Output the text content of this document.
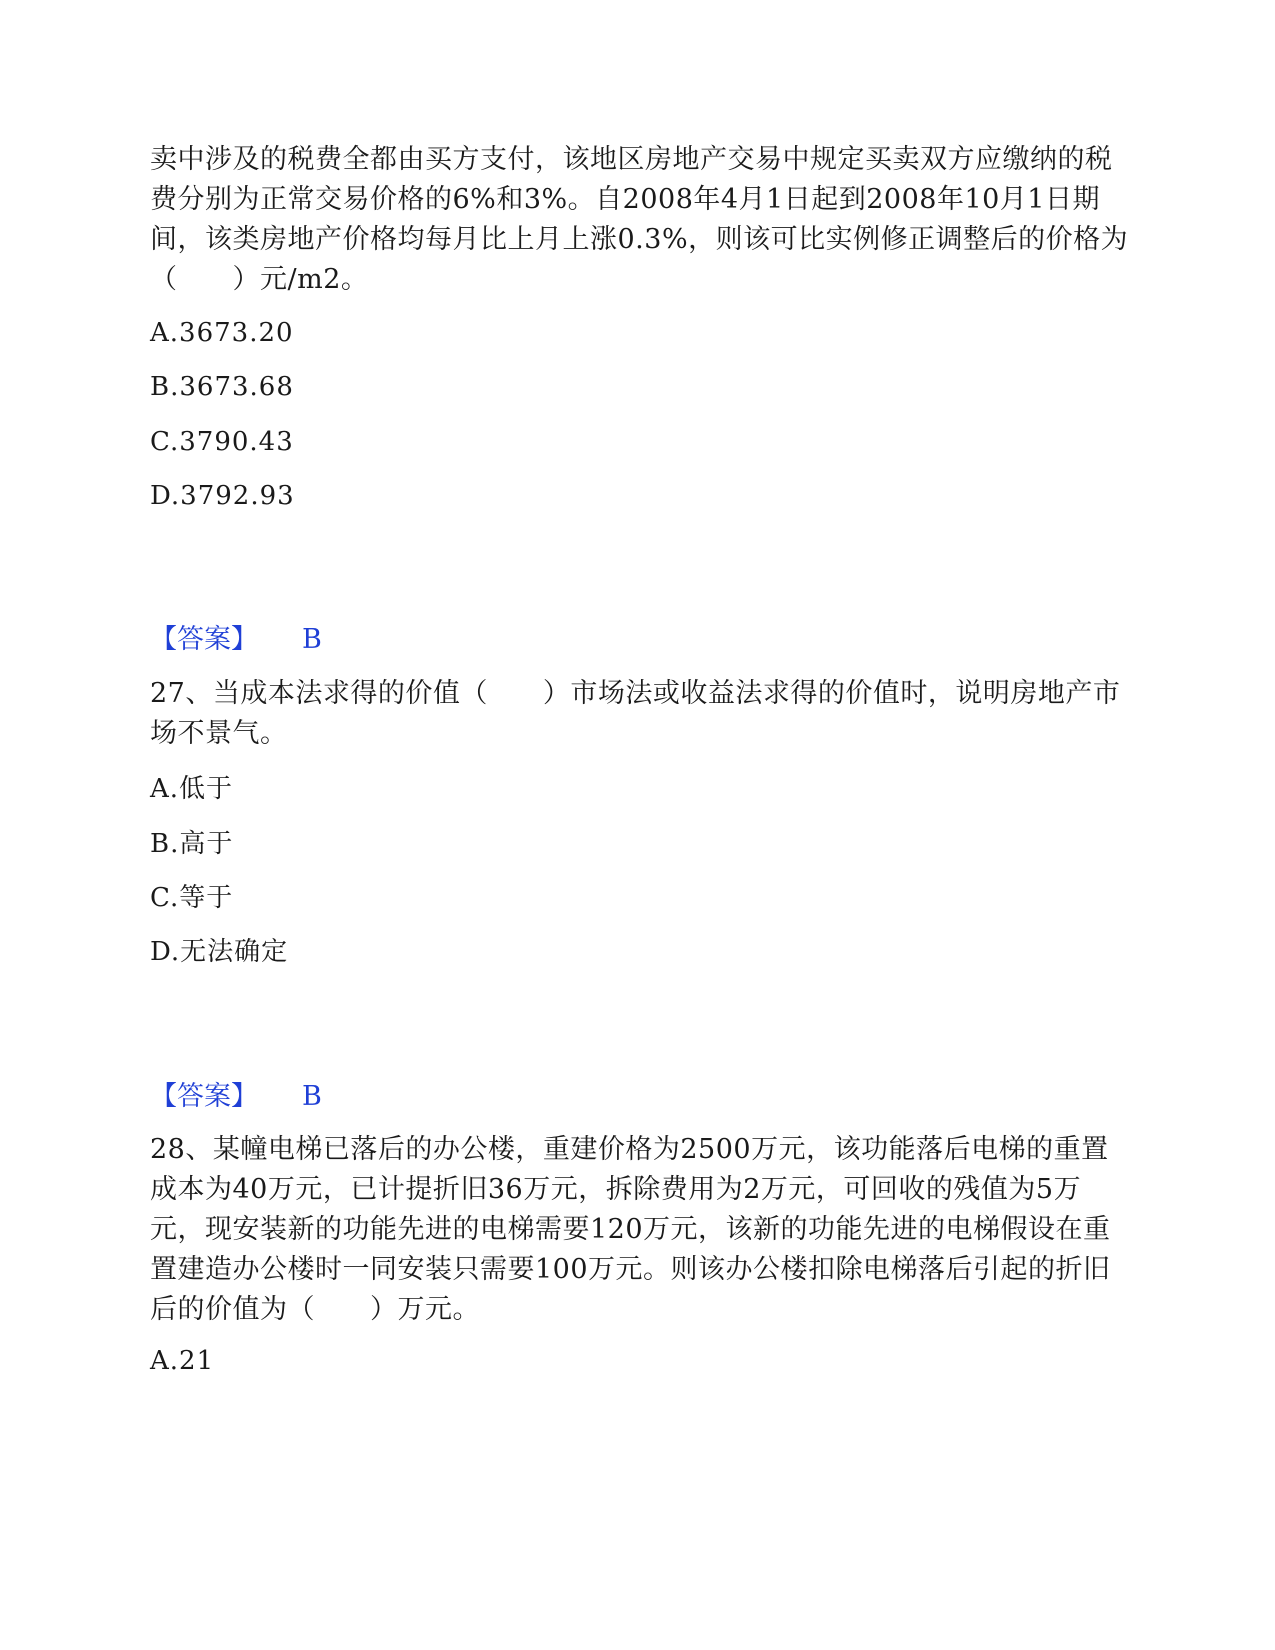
卖中涉及的税费全都由买方支付，该地区房地产交易中规定买卖双方应缴纳的税费分别为正常交易价格的6%和3%。自2008年4月1日起到2008年10月1日期间，该类房地产价格均每月比上月上涨0.3%，则该可比实例修正调整后的价格为（　　）元/m2。

A.3673.20
B.3673.68
C.3790.43
D.3792.93
【答案】 B

27、当成本法求得的价值（　　）市场法或收益法求得的价值时，说明房地产市场不景气。

A.低于
B.高于
C.等于
D.无法确定
【答案】 B

28、某幢电梯已落后的办公楼，重建价格为2500万元，该功能落后电梯的重置成本为40万元，已计提折旧36万元，拆除费用为2万元，可回收的残值为5万元，现安装新的功能先进的电梯需要120万元，该新的功能先进的电梯假设在重置建造办公楼时一同安装只需要100万元。则该办公楼扣除电梯落后引起的折旧后的价值为（　　）万元。

A.21
